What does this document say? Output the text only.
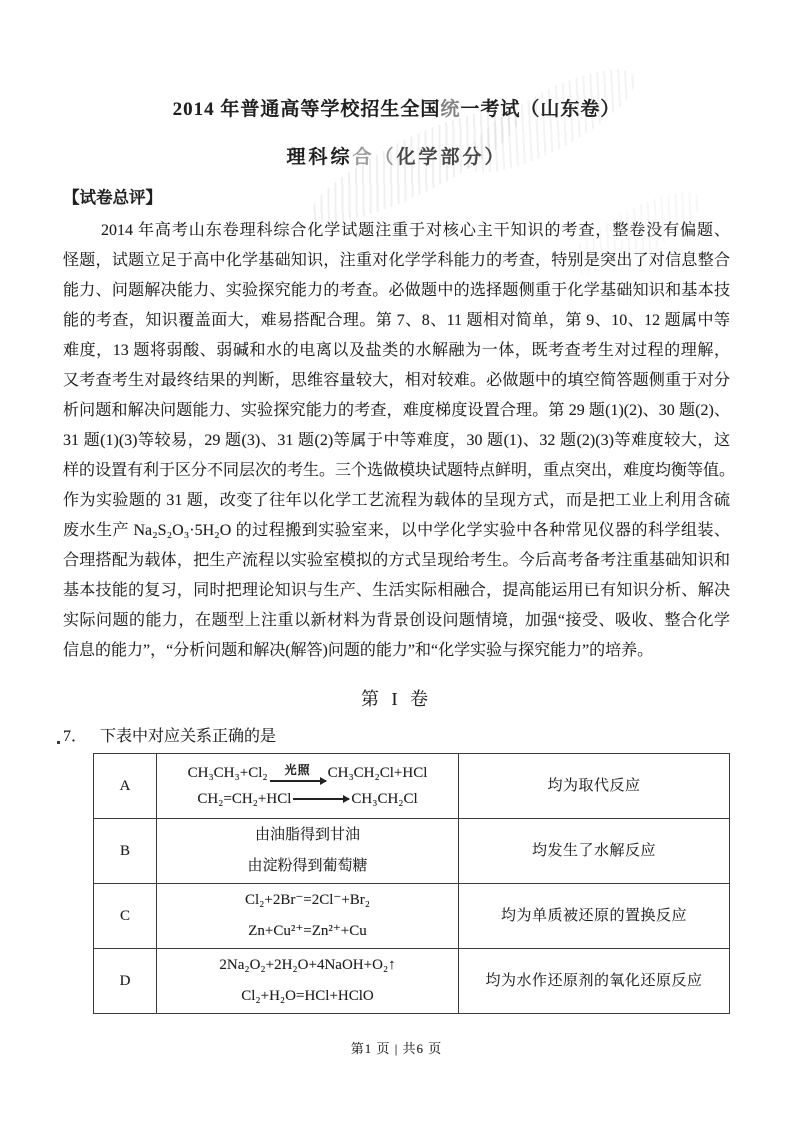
2014 年普通高等学校招生全国统一考试（山东卷）
理科综合（化学部分）
【试卷总评】
2014 年高考山东卷理科综合化学试题注重于对核心主干知识的考查，整卷没有偏题、
怪题，试题立足于高中化学基础知识，注重对化学学科能力的考查，特别是突出了对信息整合
能力、问题解决能力、实验探究能力的考查。必做题中的选择题侧重于化学基础知识和基本技
能的考查，知识覆盖面大，难易搭配合理。第 7、8、11 题相对简单，第 9、10、12 题属中等
难度，13 题将弱酸、弱碱和水的电离以及盐类的水解融为一体，既考查考生对过程的理解，
又考查考生对最终结果的判断，思维容量较大，相对较难。必做题中的填空简答题侧重于对分
析问题和解决问题能力、实验探究能力的考查，难度梯度设置合理。第 29 题(1)(2)、30 题(2)、
31 题(1)(3)等较易，29 题(3)、31 题(2)等属于中等难度，30 题(1)、32 题(2)(3)等难度较大，这
样的设置有利于区分不同层次的考生。三个选做模块试题特点鲜明，重点突出，难度均衡等值。
作为实验题的 31 题，改变了往年以化学工艺流程为载体的呈现方式，而是把工业上利用含硫
废水生产 Na₂S₂O₃·5H₂O 的过程搬到实验室来，以中学化学实验中各种常见仪器的科学组装、
合理搭配为载体，把生产流程以实验室模拟的方式呈现给考生。今后高考备考注重基础知识和
基本技能的复习，同时把理论知识与生产、生活实际相融合，提高能运用已有知识分析、解决
实际问题的能力，在题型上注重以新材料为背景创设问题情境，加强“接受、吸收、整合化学
信息的能力”，“分析问题和解决(解答)问题的能力”和“化学实验与探究能力”的培养。
第 I 卷
7． 下表中对应关系正确的是
A	CH₃CH₃+Cl₂ 光照 CH₃CH₂Cl+HCl
CH₂=CH₂+HCl → CH₃CH₂Cl	均为取代反应
B	由油脂得到甘油
由淀粉得到葡萄糖	均发生了水解反应
C	Cl₂+2Br⁻=2Cl⁻+Br₂
Zn+Cu²⁺=Zn²⁺+Cu	均为单质被还原的置换反应
D	2Na₂O₂+2H₂O+4NaOH+O₂↑
Cl₂+H₂O=HCl+HClO	均为水作还原剂的氧化还原反应
第1 页 | 共6 页
